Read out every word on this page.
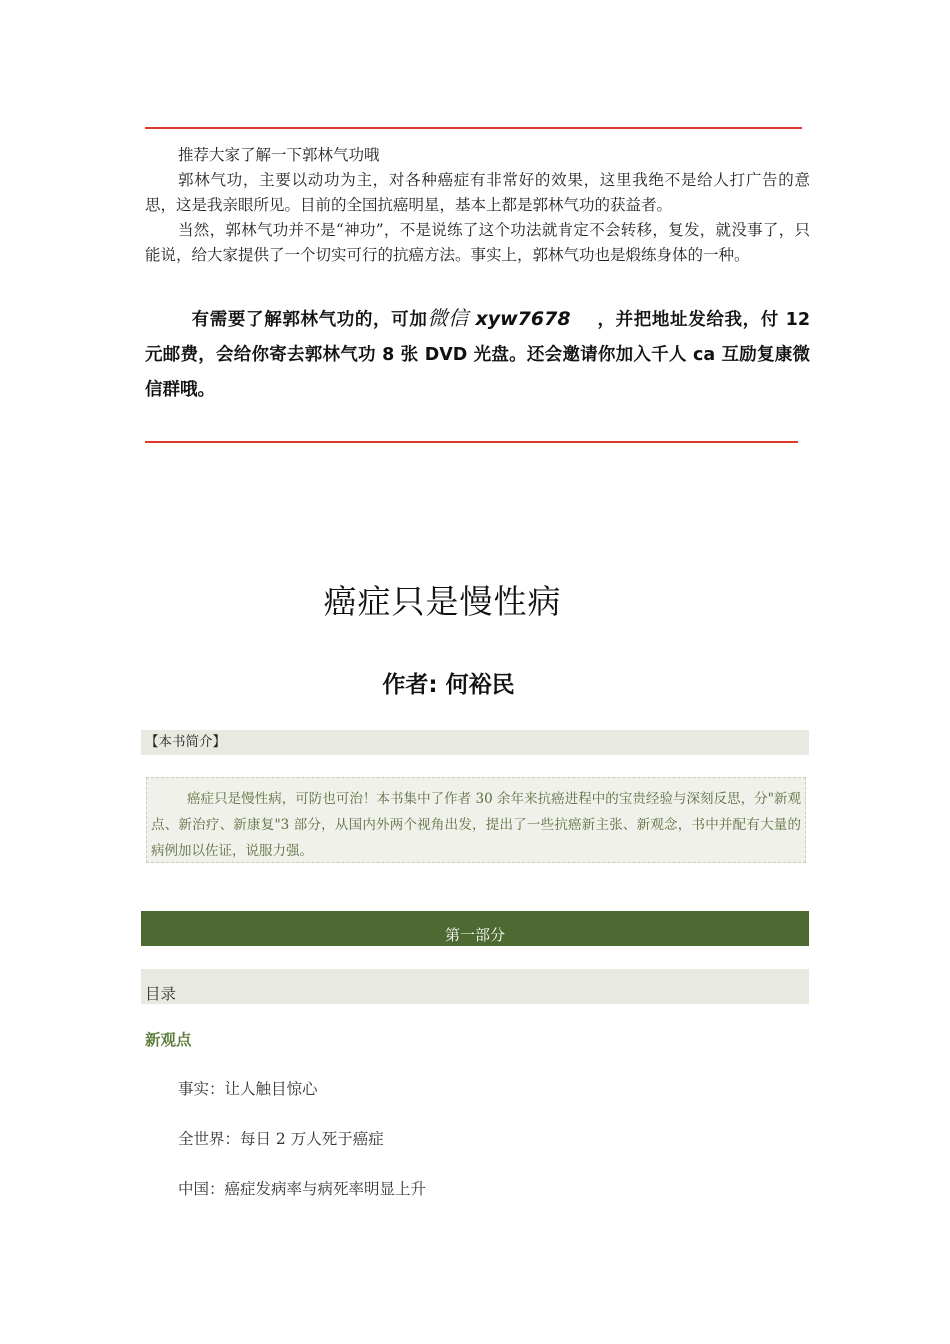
推荐大家了解一下郭林气功哦

郭林气功，主要以动功为主，对各种癌症有非常好的效果，这里我绝不是给人打广告的意思，这是我亲眼所见。目前的全国抗癌明星，基本上都是郭林气功的获益者。

当然，郭林气功并不是“神功”，不是说练了这个功法就肯定不会转移，复发，就没事了，只能说，给大家提供了一个切实可行的抗癌方法。事实上，郭林气功也是煅练身体的一种。

有需要了解郭林气功的，可加微信 xyw7678 ，并把地址发给我，付 12 元邮费，会给你寄去郭林气功 8 张 DVD 光盘。还会邀请你加入千人 ca 互励复康微信群哦。
癌症只是慢性病
作者: 何裕民
【本书简介】

癌症只是慢性病，可防也可治！本书集中了作者 30 余年来抗癌进程中的宝贵经验与深刻反思，分"新观点、新治疗、新康复"3 部分，从国内外两个视角出发，提出了一些抗癌新主张、新观念，书中并配有大量的病例加以佐证，说服力强。

第一部分
目录
新观点
事实：让人触目惊心
全世界：每日 2 万人死于癌症
中国：癌症发病率与病死率明显上升
